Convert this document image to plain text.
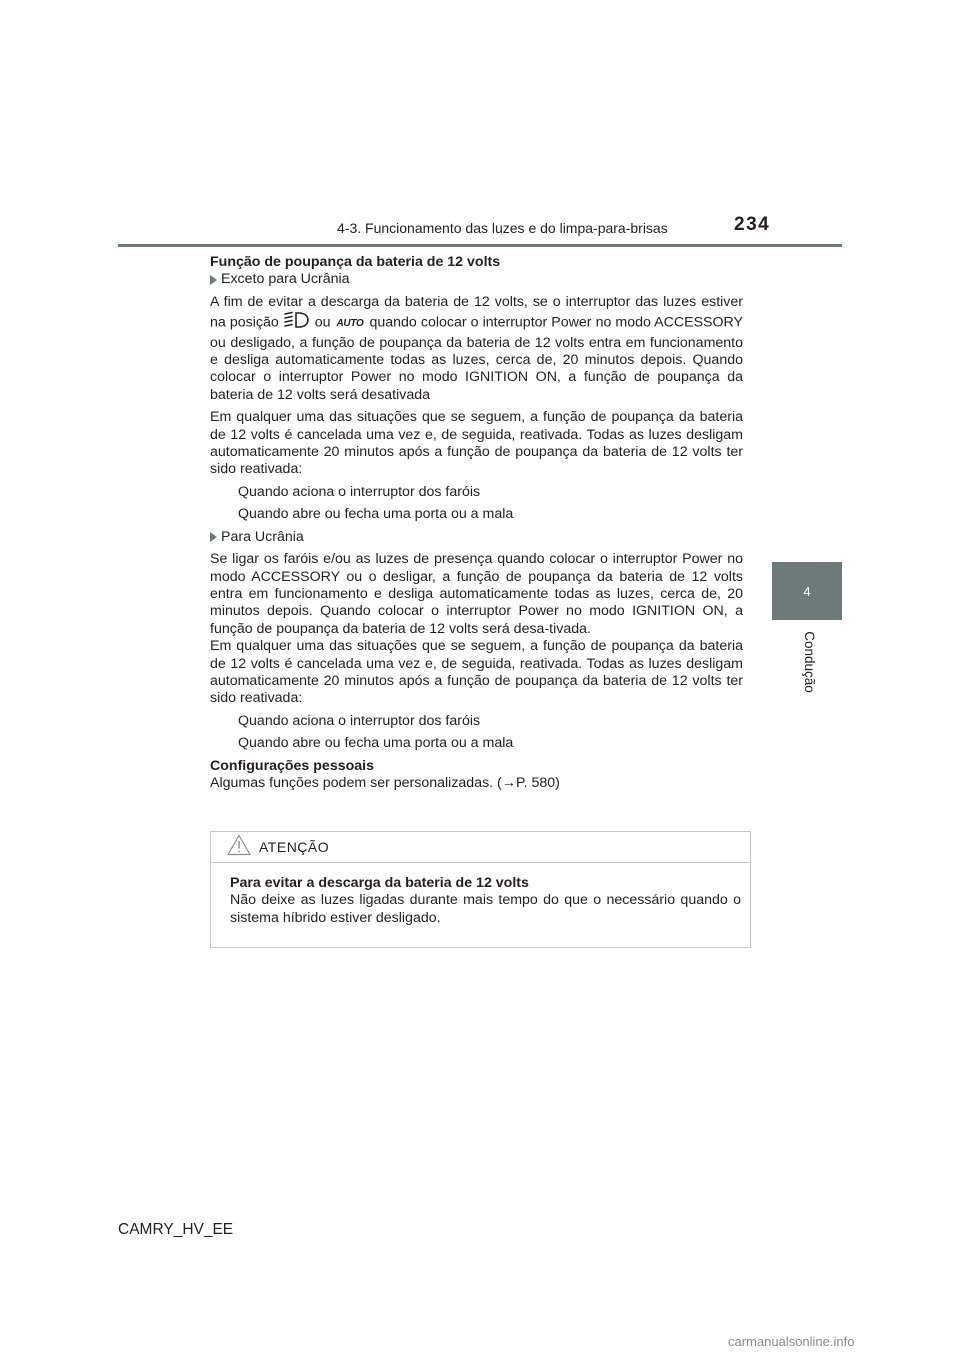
4-3. Funcionamento das luzes e do limpa-para-brisas	234
4
Condução

Função de poupança da bateria de 12 volts

Exceto para Ucrânia

A fim de evitar a descarga da bateria de 12 volts, se o interruptor das luzes estiver na posição	ou AUTO quando colocar o interruptor Power no modo ACCESSORY ou desligado, a função de poupança da bateria de 12 volts entra em funcionamento e desliga automaticamente todas as luzes, cerca de, 20 minutos depois. Quando colocar o interruptor Power no modo IGNITION ON, a função de poupança da bateria de 12 volts será desativada

Em qualquer uma das situações que se seguem, a função de poupança da bateria de 12 volts é cancelada uma vez e, de seguida, reativada. Todas as luzes desligam automaticamente 20 minutos após a função de poupança da bateria de 12 volts ter sido reativada:

Quando aciona o interruptor dos faróis

Quando abre ou fecha uma porta ou a mala

Para Ucrânia

Se ligar os faróis e/ou as luzes de presença quando colocar o interruptor Power no modo ACCESSORY ou o desligar, a função de poupança da bateria de 12 volts entra em funcionamento e desliga automaticamente todas as luzes, cerca de, 20 minutos depois. Quando colocar o interruptor Power no modo IGNITION ON, a função de poupança da bateria de 12 volts será desa-tivada.

Em qualquer uma das situações que se seguem, a função de poupança da bateria de 12 volts é cancelada uma vez e, de seguida, reativada. Todas as luzes desligam automaticamente 20 minutos após a função de poupança da bateria de 12 volts ter sido reativada:

Quando aciona o interruptor dos faróis

Quando abre ou fecha uma porta ou a mala

Configurações pessoais

Algumas funções podem ser personalizadas. (→P. 580)

ATENÇÃO

Para evitar a descarga da bateria de 12 volts

Não deixe as luzes ligadas durante mais tempo do que o necessário quando o sistema híbrido estiver desligado.

CAMRY_HV_EE
carmanualsonline.info
